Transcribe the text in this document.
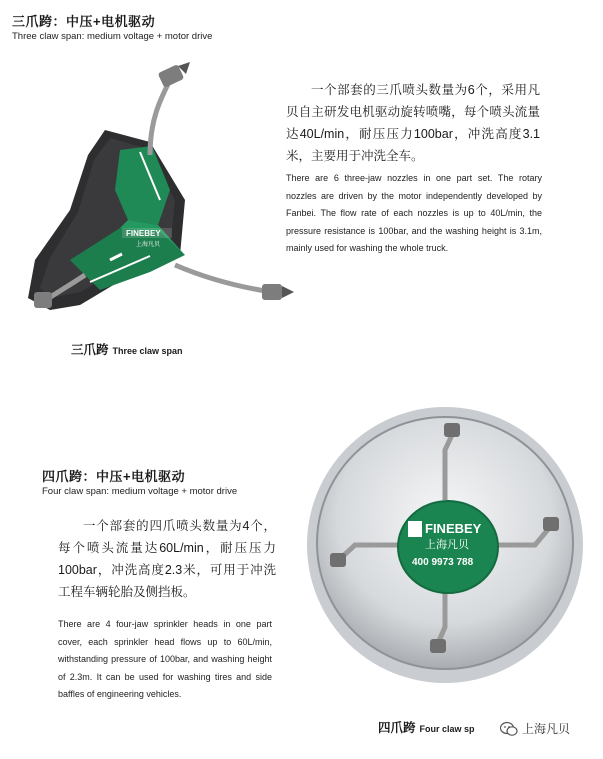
三爪跨：中压+电机驱动
Three claw span: medium voltage + motor drive
FINEBEY
上海凡贝
一个部套的三爪喷头数量为6个，采用凡贝自主研发电机驱动旋转喷嘴，每个喷头流量达40L/min，耐压压力100bar，冲洗高度3.1米，主要用于冲洗全车。
There are 6 three-jaw nozzles in one part set. The rotary nozzles are driven by the motor independently developed by Fanbei. The flow rate of each nozzles is up to 40L/min, the pressure resistance is 100bar, and the washing height is 3.1m, mainly used for washing the whole truck.
三爪跨 Three claw span
四爪跨：中压+电机驱动
Four claw span: medium voltage + motor drive
一个部套的四爪喷头数量为4个，每个喷头流量达60L/min，耐压压力100bar，冲洗高度2.3米，可用于冲洗工程车辆轮胎及侧挡板。
There are 4 four-jaw sprinkler heads in one part cover, each sprinkler head flows up to 60L/min, withstanding pressure of 100bar, and washing height of 2.3m. It can be used for washing tires and side baffles of engineering vehicles.
FINEBEY
上海凡贝
400 9973 788
四爪跨 Four claw sp	上海凡贝
